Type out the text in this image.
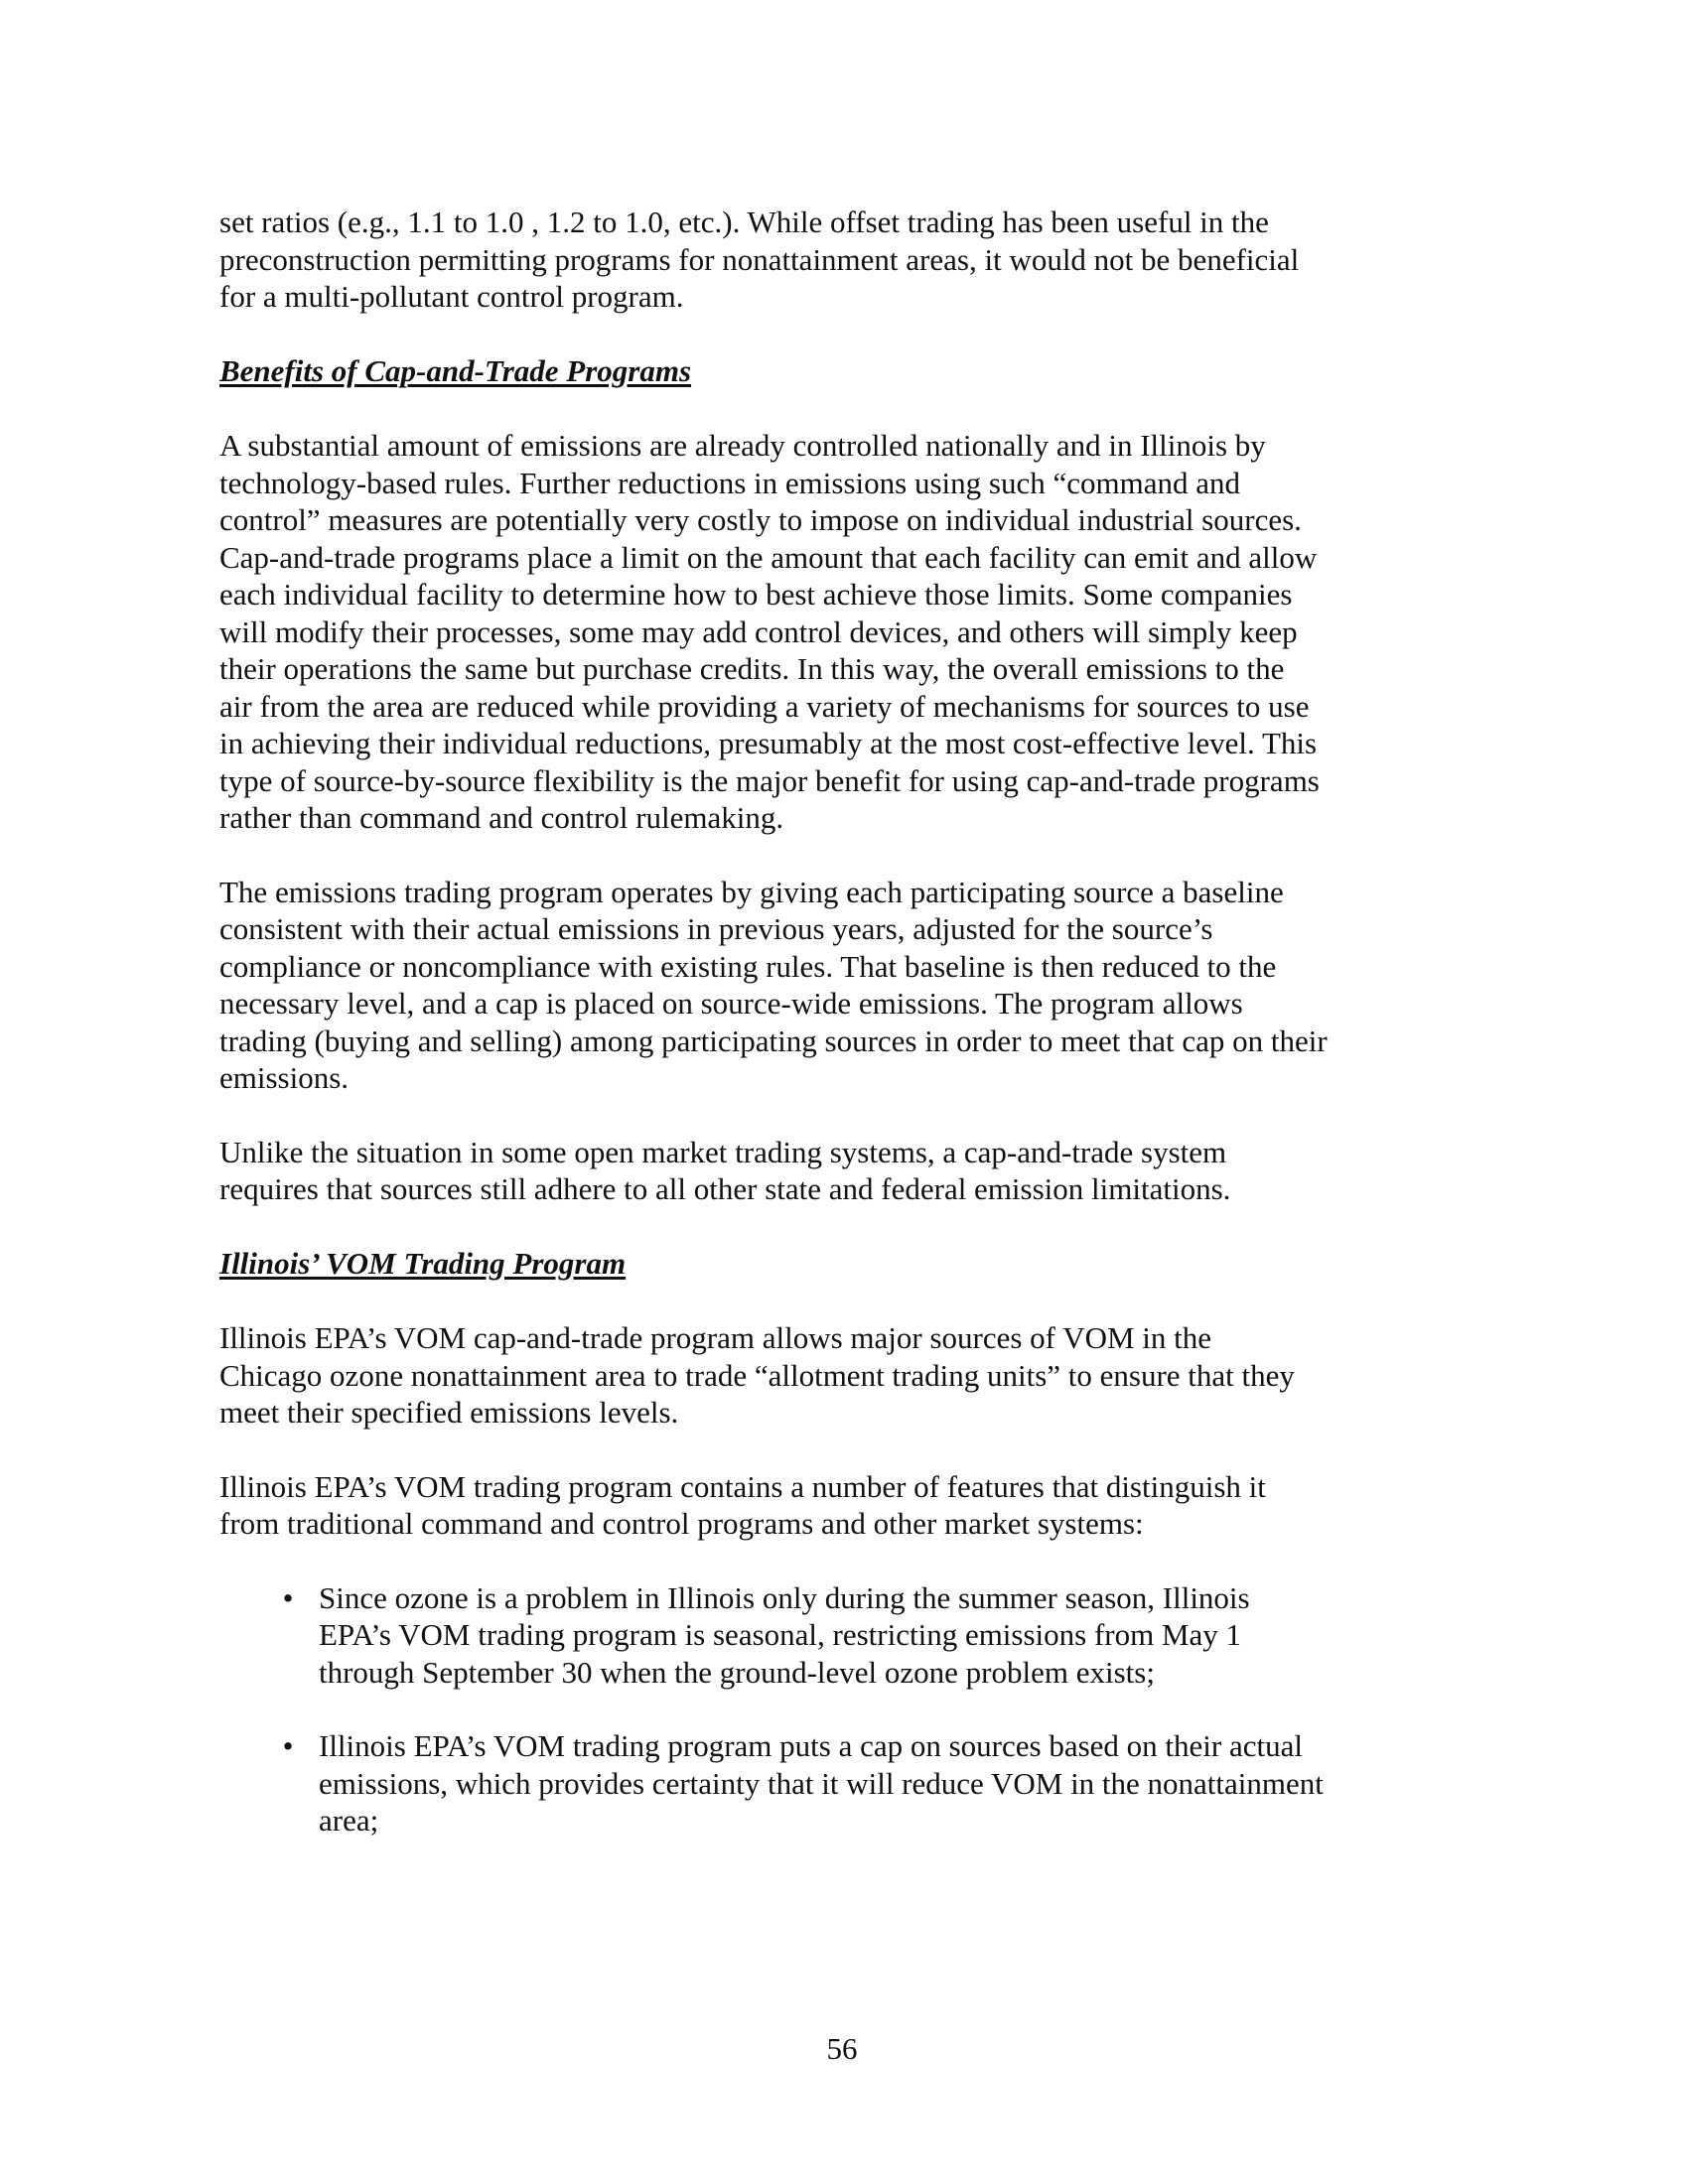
set ratios (e.g., 1.1 to 1.0 , 1.2 to 1.0, etc.). While offset trading has been useful in the
preconstruction permitting programs for nonattainment areas, it would not be beneficial
for a multi-pollutant control program.

Benefits of Cap-and-Trade Programs

A substantial amount of emissions are already controlled nationally and in Illinois by
technology-based rules. Further reductions in emissions using such “command and
control” measures are potentially very costly to impose on individual industrial sources.
Cap-and-trade programs place a limit on the amount that each facility can emit and allow
each individual facility to determine how to best achieve those limits. Some companies
will modify their processes, some may add control devices, and others will simply keep
their operations the same but purchase credits. In this way, the overall emissions to the
air from the area are reduced while providing a variety of mechanisms for sources to use
in achieving their individual reductions, presumably at the most cost-effective level. This
type of source-by-source flexibility is the major benefit for using cap-and-trade programs
rather than command and control rulemaking.

The emissions trading program operates by giving each participating source a baseline
consistent with their actual emissions in previous years, adjusted for the source’s
compliance or noncompliance with existing rules. That baseline is then reduced to the
necessary level, and a cap is placed on source-wide emissions. The program allows
trading (buying and selling) among participating sources in order to meet that cap on their
emissions.

Unlike the situation in some open market trading systems, a cap-and-trade system
requires that sources still adhere to all other state and federal emission limitations.

Illinois’ VOM Trading Program

Illinois EPA’s VOM cap-and-trade program allows major sources of VOM in the
Chicago ozone nonattainment area to trade “allotment trading units” to ensure that they
meet their specified emissions levels.

Illinois EPA’s VOM trading program contains a number of features that distinguish it
from traditional command and control programs and other market systems:

• Since ozone is a problem in Illinois only during the summer season, Illinois
EPA’s VOM trading program is seasonal, restricting emissions from May 1
through September 30 when the ground-level ozone problem exists;
• Illinois EPA’s VOM trading program puts a cap on sources based on their actual
emissions, which provides certainty that it will reduce VOM in the nonattainment
area;
56
